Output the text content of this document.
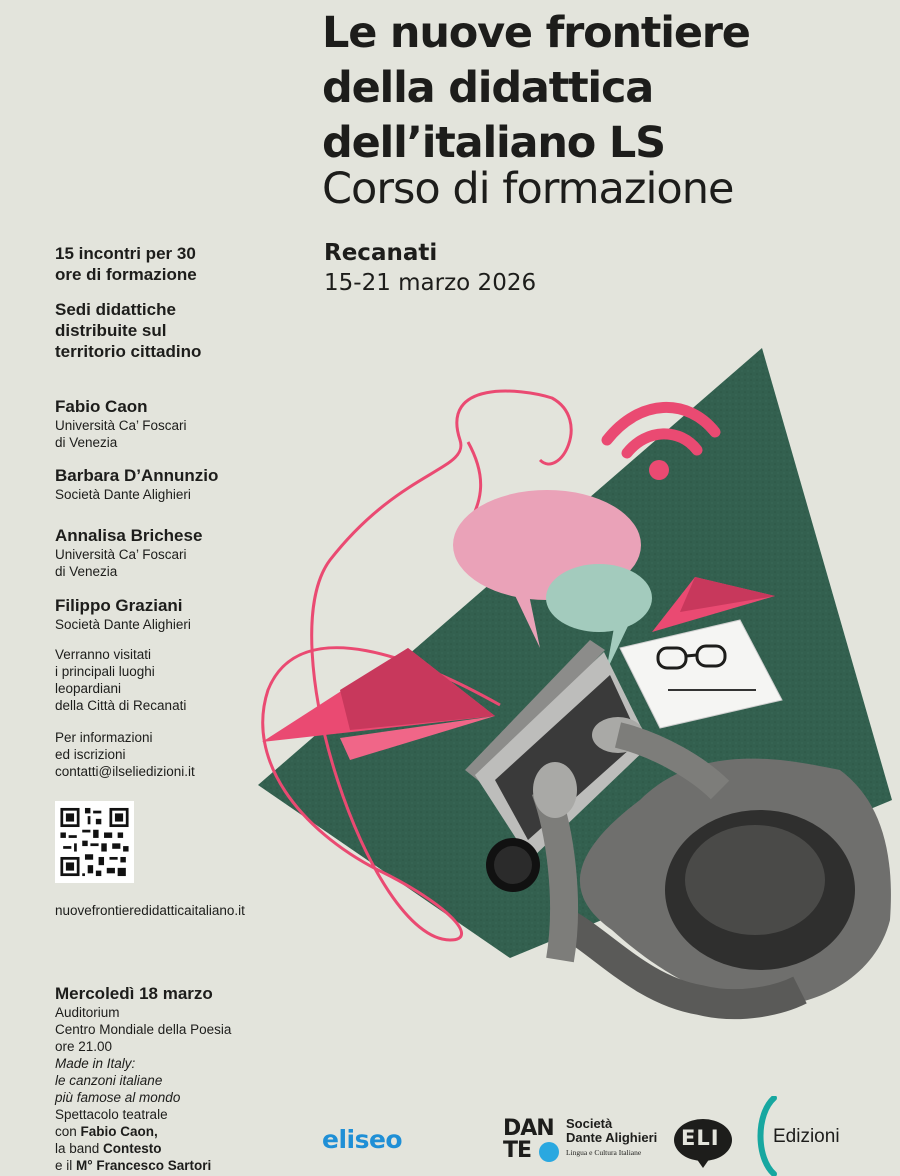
Le nuove frontiere
della didattica
dell’italiano LS
Corso di formazione
Recanati
15-21 marzo 2026
15 incontri per 30
ore di formazione
Sedi didattiche
distribuite sul
territorio cittadino
Fabio Caon
Università Ca’ Foscari
di Venezia
Barbara D’Annunzio
Società Dante Alighieri
Annalisa Brichese
Università Ca’ Foscari
di Venezia
Filippo Graziani
Società Dante Alighieri
Verranno visitati
i principali luoghi
leopardiani
della Città di Recanati
Per informazioni
ed iscrizioni
contatti@ilseliedizioni.it
nuovefrontieredidatticaitaliano.it
Mercoledì 18 marzo
Auditorium
Centro Mondiale della Poesia
ore 21.00
Made in Italy:
le canzoni italiane
più famose al mondo
Spettacolo teatrale
con Fabio Caon,
la band Contesto
e il M° Francesco Sartori
eliseo	DAN
TE
Società
Dante Alighieri
Lingua e Cultura Italiane
ELI	Edizioni
